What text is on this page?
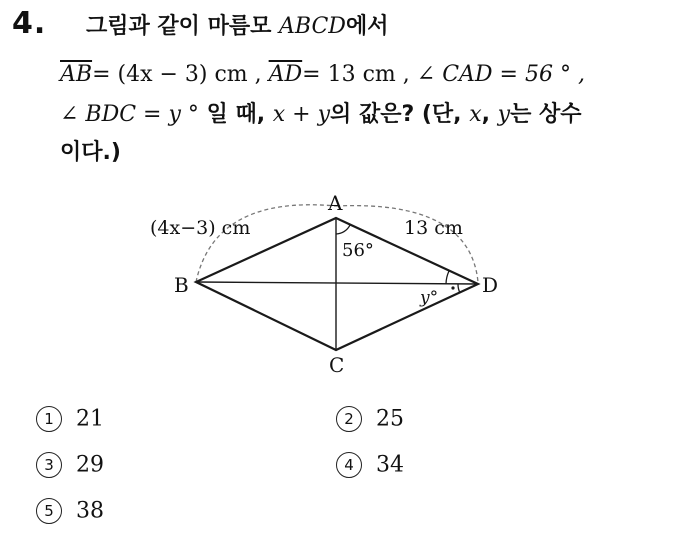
4. 그림과 같이 마름모 ABCD에서
$\overline{AB}= (4x - 3)$ cm , $\overline{AD}= 13$ cm , ∠ CAD = 56 ° ,
∠ BDC = y ° 일 때, x + y의 값은? (단, x, y는 상수
이다.)
A
B
C
D
(4x−3) cm	13 cm
56°
y°
1 21	2 25
3 29	4 34
5 38
